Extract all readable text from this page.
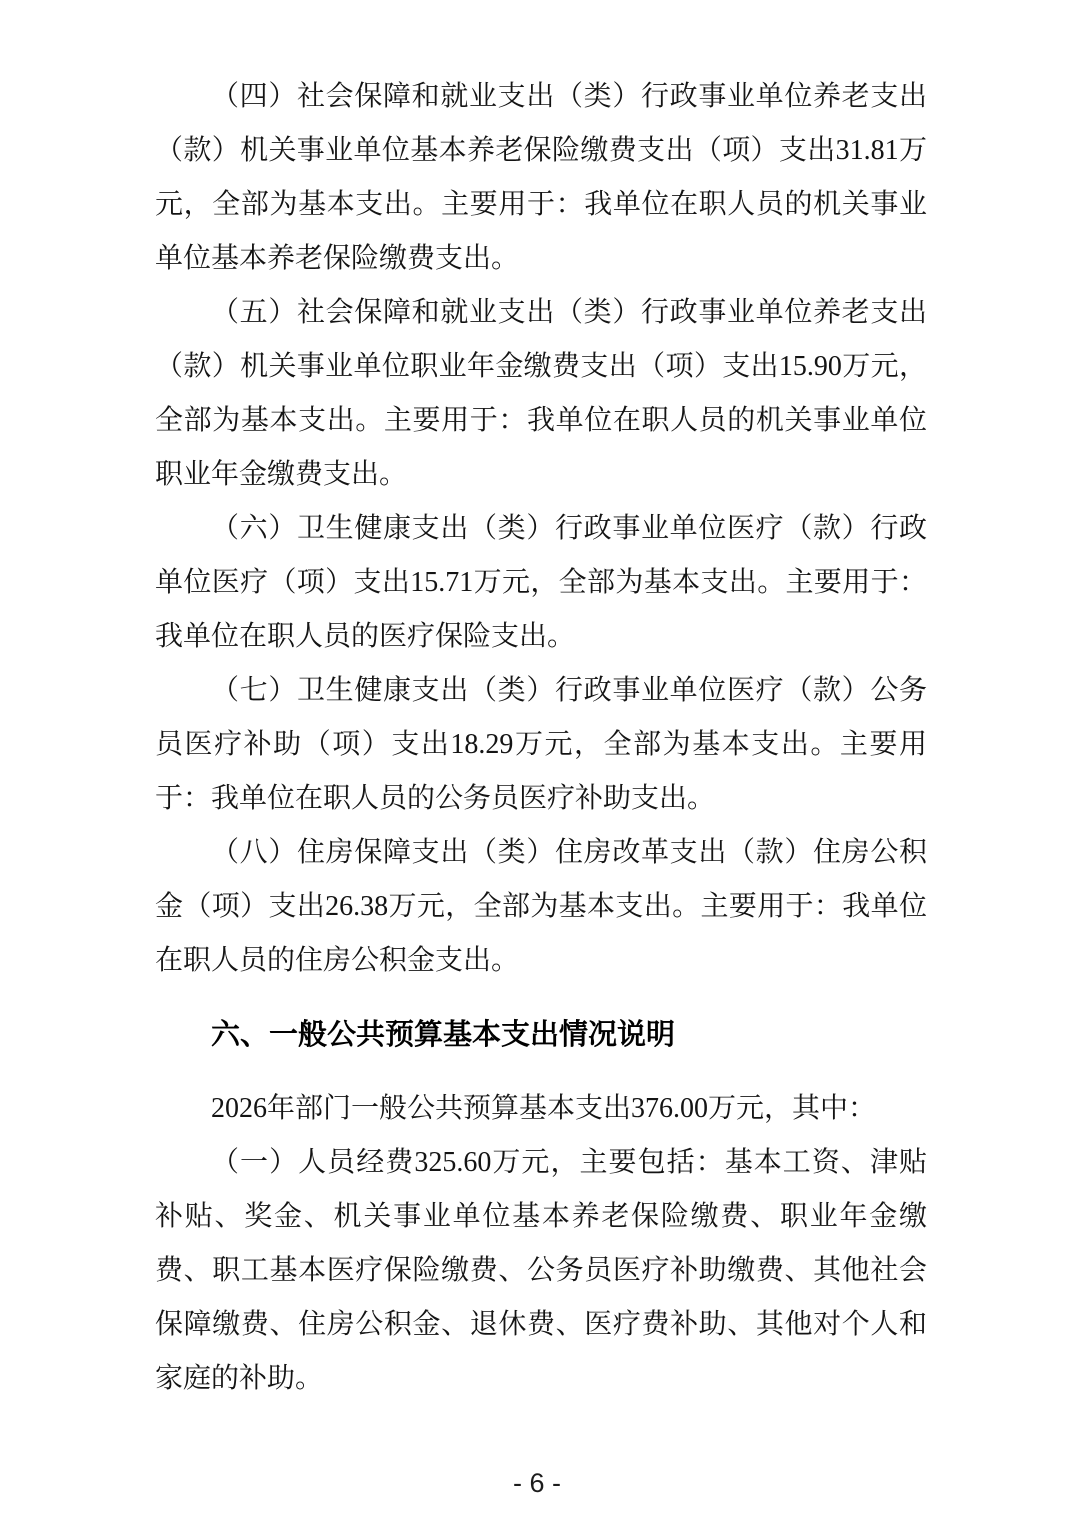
（四）社会保障和就业支出（类）行政事业单位养老支出（款）机关事业单位基本养老保险缴费支出（项）支出31.81万元，全部为基本支出。主要用于：我单位在职人员的机关事业单位基本养老保险缴费支出。

（五）社会保障和就业支出（类）行政事业单位养老支出（款）机关事业单位职业年金缴费支出（项）支出15.90万元，全部为基本支出。主要用于：我单位在职人员的机关事业单位职业年金缴费支出。

（六）卫生健康支出（类）行政事业单位医疗（款）行政单位医疗（项）支出15.71万元，全部为基本支出。主要用于：我单位在职人员的医疗保险支出。

（七）卫生健康支出（类）行政事业单位医疗（款）公务员医疗补助（项）支出18.29万元，全部为基本支出。主要用于：我单位在职人员的公务员医疗补助支出。

（八）住房保障支出（类）住房改革支出（款）住房公积金（项）支出26.38万元，全部为基本支出。主要用于：我单位在职人员的住房公积金支出。

六、一般公共预算基本支出情况说明

2026年部门一般公共预算基本支出376.00万元，其中：

（一）人员经费325.60万元，主要包括：基本工资、津贴补贴、奖金、机关事业单位基本养老保险缴费、职业年金缴费、职工基本医疗保险缴费、公务员医疗补助缴费、其他社会保障缴费、住房公积金、退休费、医疗费补助、其他对个人和家庭的补助。

- 6 -
